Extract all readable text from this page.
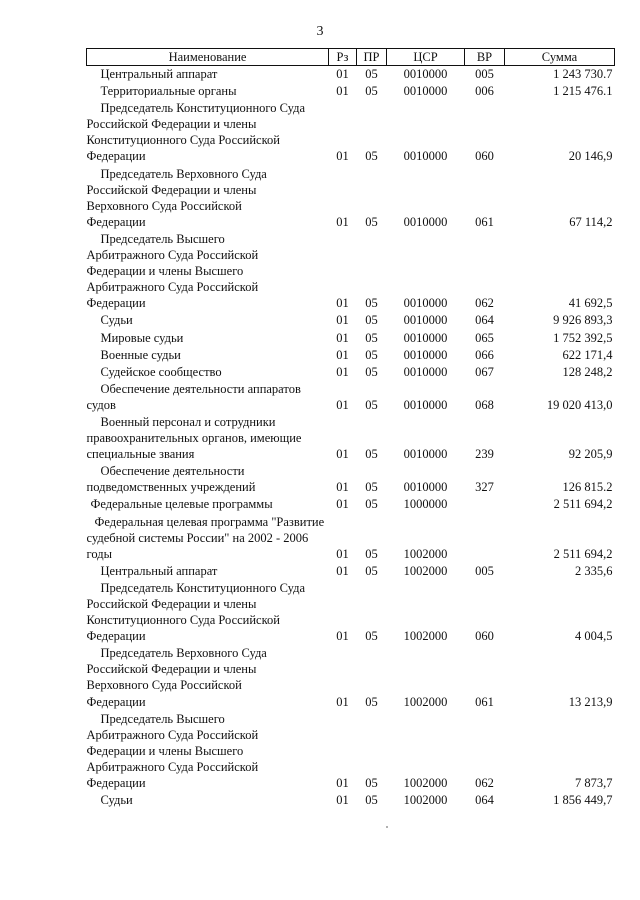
3
Наименование	Рз	ПР	ЦСР	ВР	Сумма

Центральный аппарат	01	05	0010000	005	1 243 730.7

Территориальные органы	01	05	0010000	006	1 215 476.1

Председатель Конституционного Суда Российской Федерации и члены Конституционного Суда Российской Федерации	01	05	0010000	060	20 146,9

Председатель Верховного Суда Российской Федерации и члены Верховного Суда Российской Федерации	01	05	0010000	061	67 114,2

Председатель Высшего Арбитражного Суда Российской Федерации и члены Высшего Арбитражного Суда Российской Федерации	01	05	0010000	062	41 692,5

Судьи	01	05	0010000	064	9 926 893,3

Мировые судьи	01	05	0010000	065	1 752 392,5

Военные судьи	01	05	0010000	066	622 171,4

Судейское сообщество	01	05	0010000	067	128 248,2

Обеспечение деятельности аппаратов судов	01	05	0010000	068	19 020 413,0

Военный персонал и сотрудники правоохранительных органов, имеющие специальные звания	01	05	0010000	239	92 205,9

Обеспечение деятельности подведомственных учреждений	01	05	0010000	327	126 815.2

Федеральные целевые программы	01	05	1000000		2 511 694,2

Федеральная целевая программа "Развитие судебной системы России" на 2002 - 2006 годы	01	05	1002000		2 511 694,2

Центральный аппарат	01	05	1002000	005	2 335,6

Председатель Конституционного Суда Российской Федерации и члены Конституционного Суда Российской Федерации	01	05	1002000	060	4 004,5

Председатель Верховного Суда Российской Федерации и члены Верховного Суда Российской Федерации	01	05	1002000	061	13 213,9

Председатель Высшего Арбитражного Суда Российской Федерации и члены Высшего Арбитражного Суда Российской Федерации	01	05	1002000	062	7 873,7

Судьи	01	05	1002000	064	1 856 449,7
